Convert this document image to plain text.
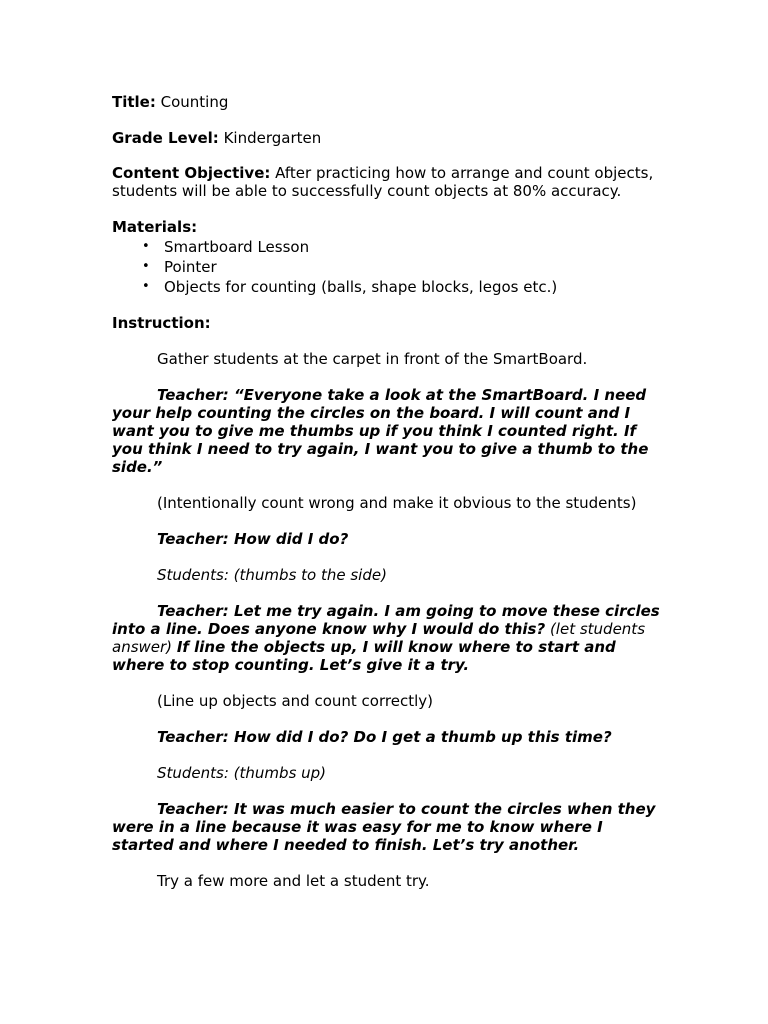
Title: Counting

Grade Level: Kindergarten

Content Objective: After practicing how to arrange and count objects, students will be able to successfully count objects at 80% accuracy.

Materials:

• Smartboard Lesson
• Pointer
• Objects for counting (balls, shape blocks, legos etc.)

Instruction:

Gather students at the carpet in front of the SmartBoard.

Teacher: “Everyone take a look at the SmartBoard. I need your help counting the circles on the board. I will count and I want you to give me thumbs up if you think I counted right. If you think I need to try again, I want you to give a thumb to the side.”

(Intentionally count wrong and make it obvious to the students)

Teacher: How did I do?

Students: (thumbs to the side)

Teacher: Let me try again. I am going to move these circles into a line. Does anyone know why I would do this? (let students answer) If line the objects up, I will know where to start and where to stop counting. Let’s give it a try.

(Line up objects and count correctly)

Teacher: How did I do? Do I get a thumb up this time?

Students: (thumbs up)

Teacher: It was much easier to count the circles when they were in a line because it was easy for me to know where I started and where I needed to finish. Let’s try another.

Try a few more and let a student try.
